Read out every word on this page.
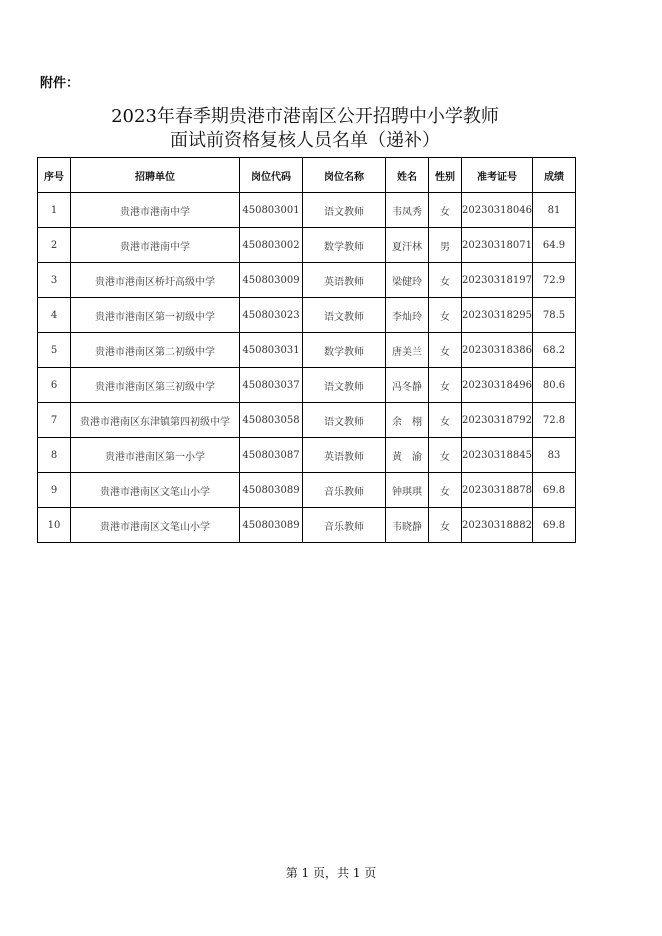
附件：
2023年春季期贵港市港南区公开招聘中小学教师
面试前资格复核人员名单（递补）
序号	招聘单位	岗位代码	岗位名称	姓名	性别	准考证号	成绩
1	贵港市港南中学	450803001	语文教师	韦凤秀	女	20230318046	81
2	贵港市港南中学	450803002	数学教师	夏汗林	男	20230318071	64.9
3	贵港市港南区桥圩高级中学	450803009	英语教师	梁健玲	女	20230318197	72.9
4	贵港市港南区第一初级中学	450803023	语文教师	李灿玲	女	20230318295	78.5
5	贵港市港南区第二初级中学	450803031	数学教师	唐美兰	女	20230318386	68.2
6	贵港市港南区第三初级中学	450803037	语文教师	冯冬静	女	20230318496	80.6
7	贵港市港南区东津镇第四初级中学	450803058	语文教师	余　栩	女	20230318792	72.8
8	贵港市港南区第一小学	450803087	英语教师	黄　渝	女	20230318845	83
9	贵港市港南区文笔山小学	450803089	音乐教师	钟琪琪	女	20230318878	69.8
10	贵港市港南区文笔山小学	450803089	音乐教师	韦晓静	女	20230318882	69.8
第 1 页，共 1 页
